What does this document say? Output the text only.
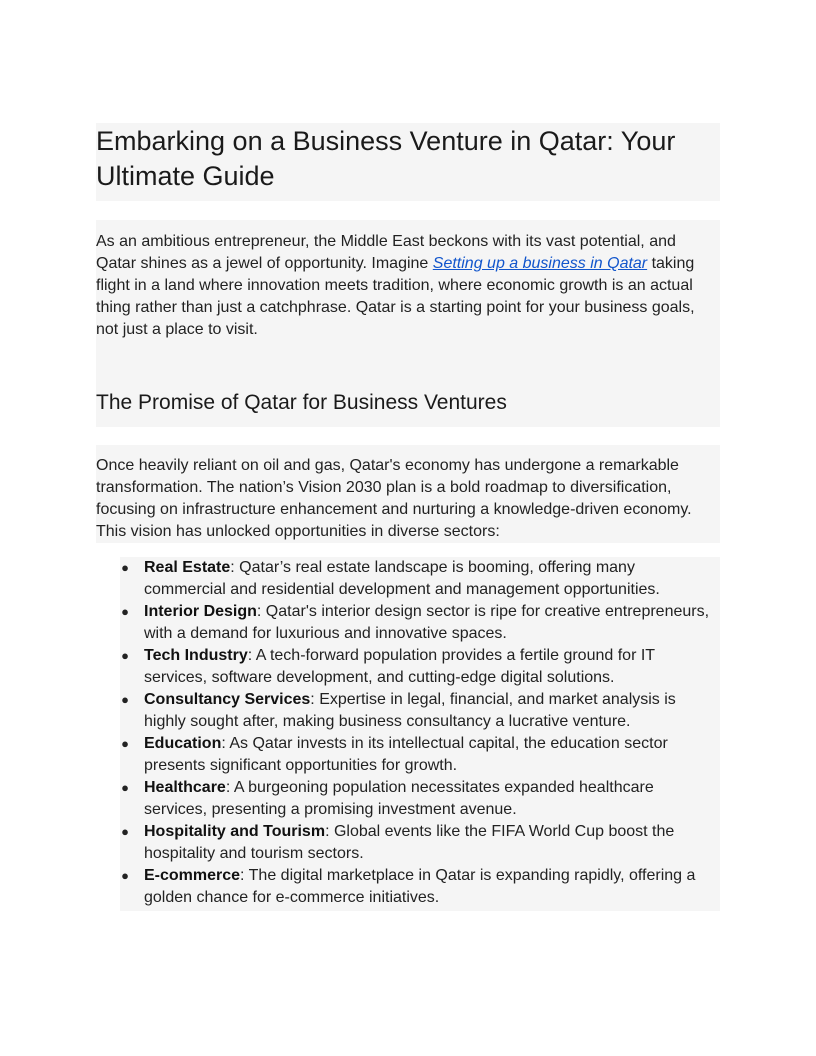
Embarking on a Business Venture in Qatar: Your Ultimate Guide

As an ambitious entrepreneur, the Middle East beckons with its vast potential, and Qatar shines as a jewel of opportunity. Imagine Setting up a business in Qatar taking flight in a land where innovation meets tradition, where economic growth is an actual thing rather than just a catchphrase. Qatar is a starting point for your business goals, not just a place to visit.

The Promise of Qatar for Business Ventures

Once heavily reliant on oil and gas, Qatar's economy has undergone a remarkable transformation. The nation’s Vision 2030 plan is a bold roadmap to diversification, focusing on infrastructure enhancement and nurturing a knowledge-driven economy. This vision has unlocked opportunities in diverse sectors:

● Real Estate: Qatar’s real estate landscape is booming, offering many commercial and residential development and management opportunities.
● Interior Design: Qatar's interior design sector is ripe for creative entrepreneurs, with a demand for luxurious and innovative spaces.
● Tech Industry: A tech-forward population provides a fertile ground for IT services, software development, and cutting-edge digital solutions.
● Consultancy Services: Expertise in legal, financial, and market analysis is highly sought after, making business consultancy a lucrative venture.
● Education: As Qatar invests in its intellectual capital, the education sector presents significant opportunities for growth.
● Healthcare: A burgeoning population necessitates expanded healthcare services, presenting a promising investment avenue.
● Hospitality and Tourism: Global events like the FIFA World Cup boost the hospitality and tourism sectors.
● E-commerce: The digital marketplace in Qatar is expanding rapidly, offering a golden chance for e-commerce initiatives.
